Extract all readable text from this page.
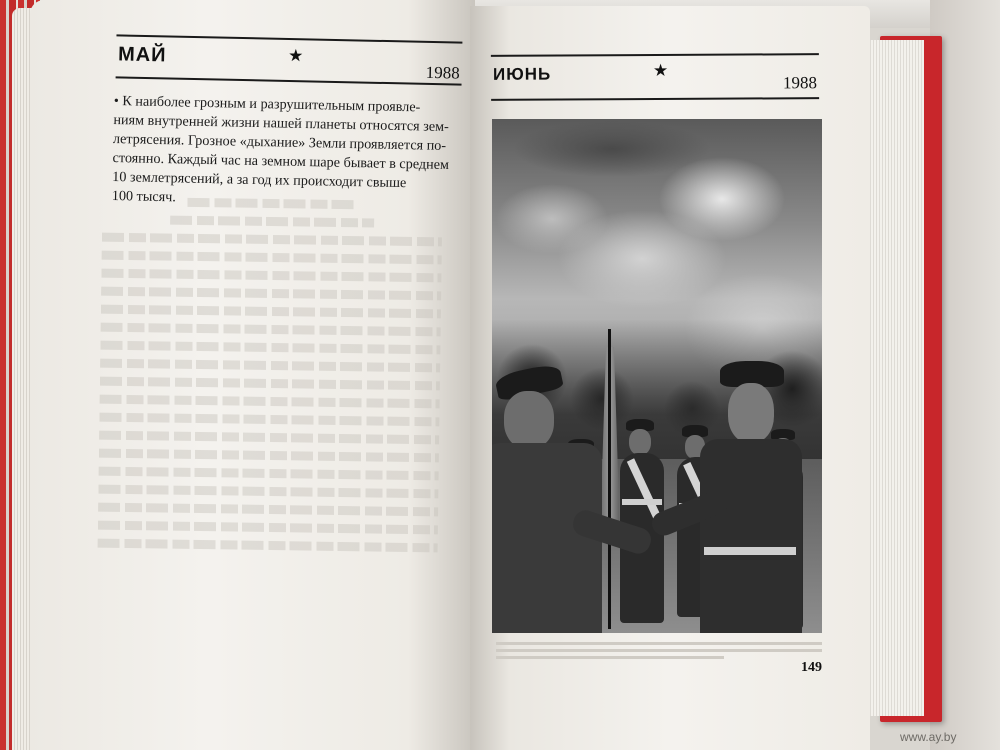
МАЙ	★
1988
• К наиболее грозным и разрушительным проявле-
ниям внутренней жизни нашей планеты относятся зем-
летрясения. Грозное «дыхание» Земли проявляется по-
стоянно. Каждый час на земном шаре бывает в среднем
10 землетрясений, а за год их происходит свыше
100 тысяч.
ИЮНЬ	★
1988
149
www.ay.by
